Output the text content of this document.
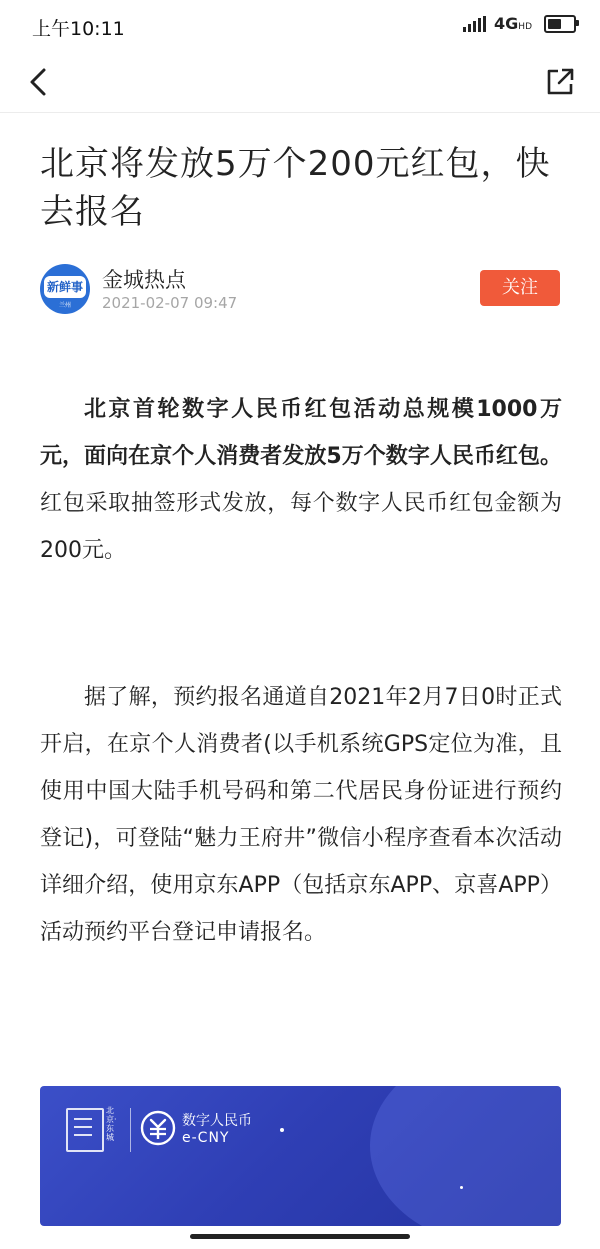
上午10:11	4GHD
北京将发放5万个200元红包，快去报名
新鲜事
兰州
金城热点
2021-02-07 09:47
关注

北京首轮数字人民币红包活动总规模1000万元，面向在京个人消费者发放5万个数字人民币红包。红包采取抽签形式发放，每个数字人民币红包金额为200元。

据了解，预约报名通道自2021年2月7日0时正式开启，在京个人消费者(以手机系统GPS定位为准，且使用中国大陆手机号码和第二代居民身份证进行预约登记)，可登陆“魅力王府井”微信小程序查看本次活动详细介绍，使用京东APP（包括京东APP、京喜APP）活动预约平台登记申请报名。

北京·东城
数字人民币
e-CNY
